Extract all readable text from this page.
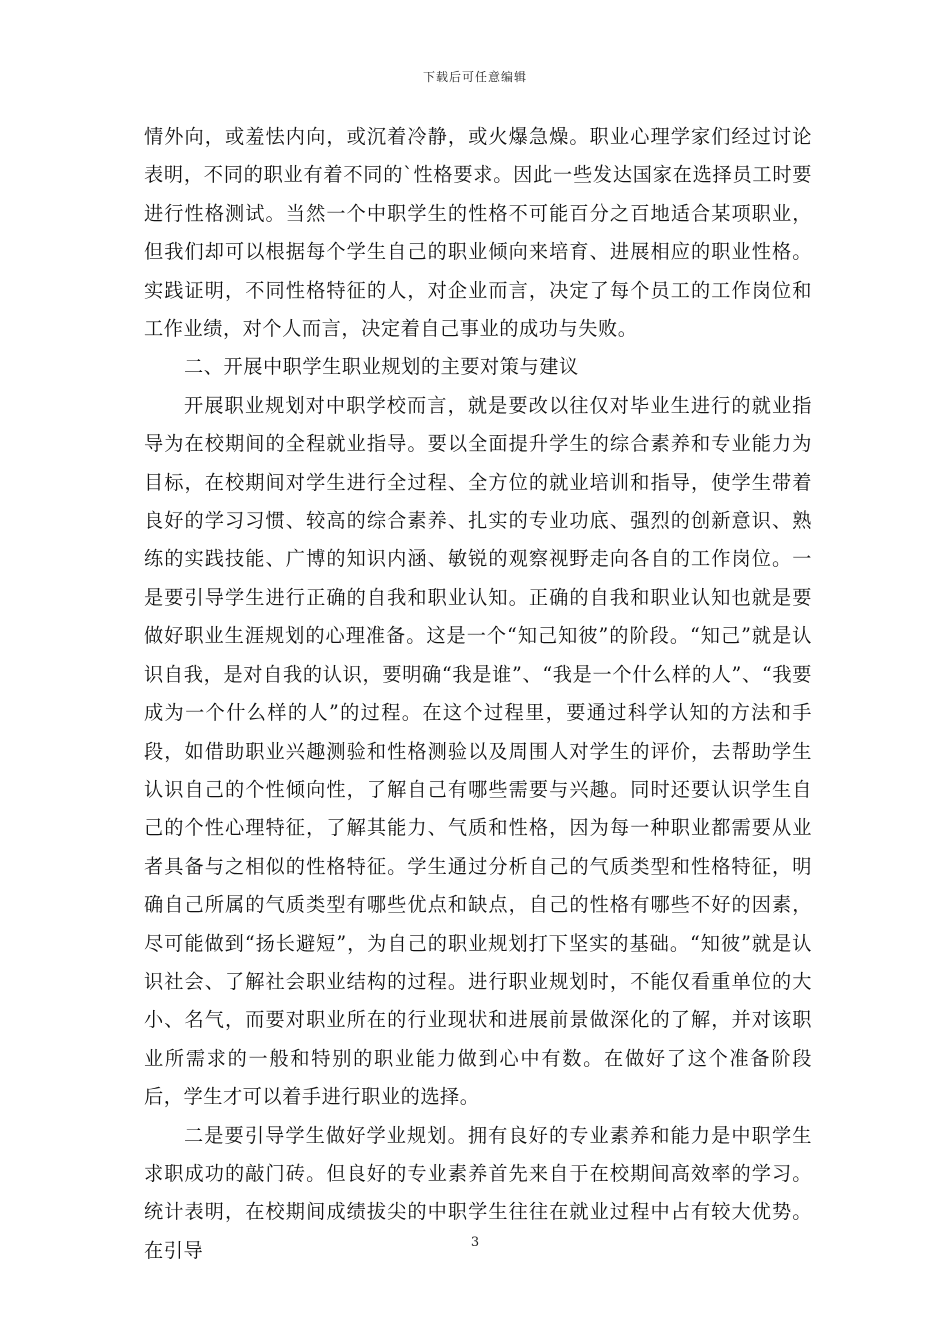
下载后可任意编辑

情外向，或羞怯内向，或沉着冷静，或火爆急燥。职业心理学家们经过讨论表明，不同的职业有着不同的`性格要求。因此一些发达国家在选择员工时要进行性格测试。当然一个中职学生的性格不可能百分之百地适合某项职业，但我们却可以根据每个学生自己的职业倾向来培育、进展相应的职业性格。实践证明，不同性格特征的人，对企业而言，决定了每个员工的工作岗位和工作业绩，对个人而言，决定着自己事业的成功与失败。

二、开展中职学生职业规划的主要对策与建议

开展职业规划对中职学校而言，就是要改以往仅对毕业生进行的就业指导为在校期间的全程就业指导。要以全面提升学生的综合素养和专业能力为目标，在校期间对学生进行全过程、全方位的就业培训和指导，使学生带着良好的学习习惯、较高的综合素养、扎实的专业功底、强烈的创新意识、熟练的实践技能、广博的知识内涵、敏锐的观察视野走向各自的工作岗位。一是要引导学生进行正确的自我和职业认知。正确的自我和职业认知也就是要做好职业生涯规划的心理准备。这是一个“知己知彼”的阶段。“知己”就是认识自我，是对自我的认识，要明确“我是谁”、“我是一个什么样的人”、“我要成为一个什么样的人”的过程。在这个过程里，要通过科学认知的方法和手段，如借助职业兴趣测验和性格测验以及周围人对学生的评价，去帮助学生认识自己的个性倾向性，了解自己有哪些需要与兴趣。同时还要认识学生自己的个性心理特征，了解其能力、气质和性格，因为每一种职业都需要从业者具备与之相似的性格特征。学生通过分析自己的气质类型和性格特征，明确自己所属的气质类型有哪些优点和缺点，自己的性格有哪些不好的因素，尽可能做到“扬长避短”，为自己的职业规划打下坚实的基础。“知彼”就是认识社会、了解社会职业结构的过程。进行职业规划时，不能仅看重单位的大小、名气，而要对职业所在的行业现状和进展前景做深化的了解，并对该职业所需求的一般和特别的职业能力做到心中有数。在做好了这个准备阶段后，学生才可以着手进行职业的选择。

二是要引导学生做好学业规划。拥有良好的专业素养和能力是中职学生求职成功的敲门砖。但良好的专业素养首先来自于在校期间高效率的学习。统计表明，在校期间成绩拔尖的中职学生往往在就业过程中占有较大优势。在引导	3
